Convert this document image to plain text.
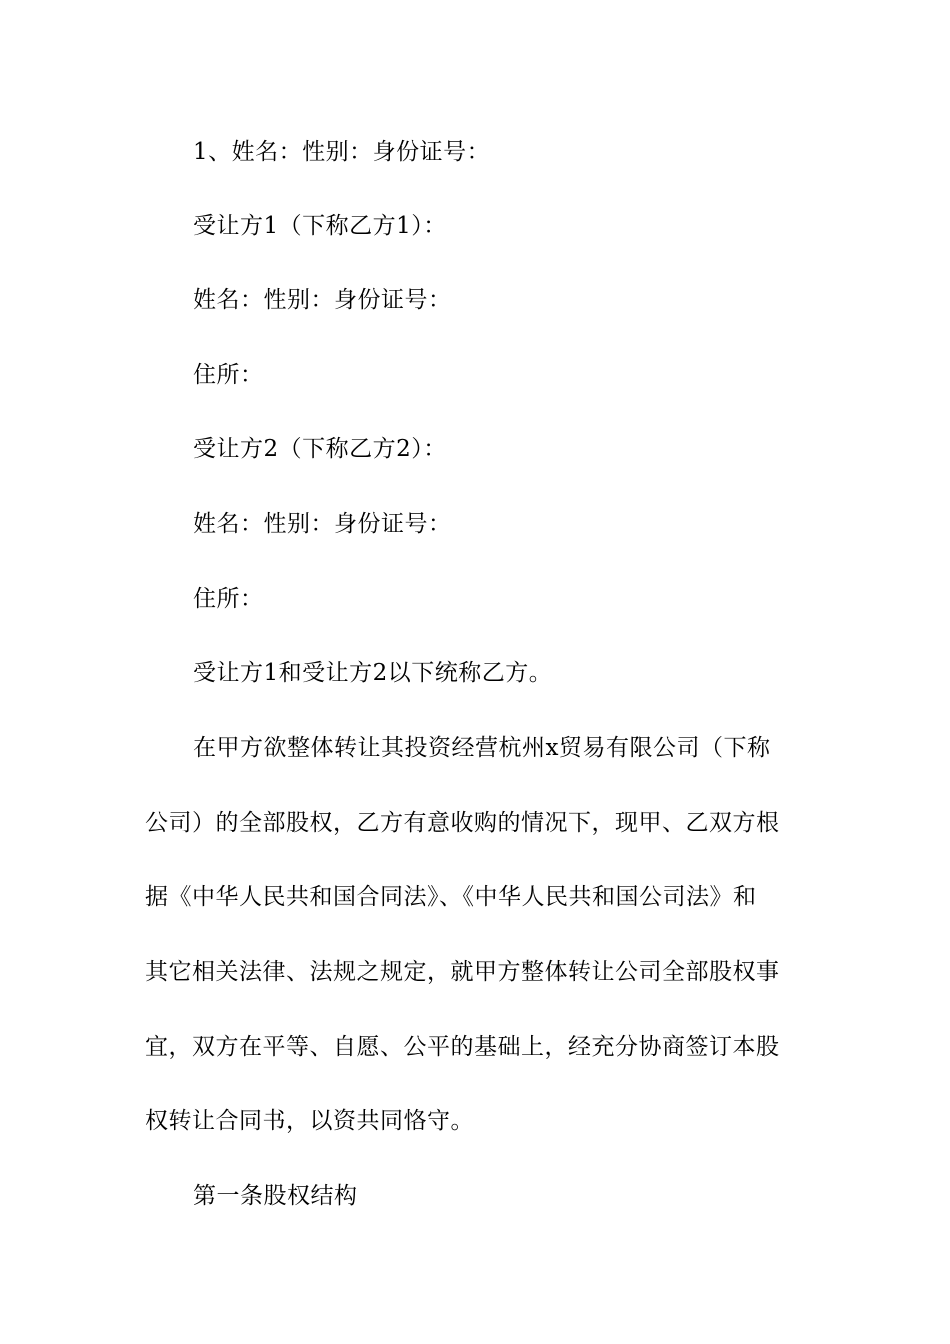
1、姓名：性别：身份证号：
受让方1（下称乙方1）：
姓名：性别：身份证号：
住所：
受让方2（下称乙方2）：
姓名：性别：身份证号：
住所：
受让方1和受让方2以下统称乙方。
在甲方欲整体转让其投资经营杭州x贸易有限公司（下称
公司）的全部股权，乙方有意收购的情况下，现甲、乙双方根
据《中华人民共和国合同法》、《中华人民共和国公司法》和
其它相关法律、法规之规定，就甲方整体转让公司全部股权事
宜，双方在平等、自愿、公平的基础上，经充分协商签订本股
权转让合同书，以资共同恪守。
第一条股权结构
